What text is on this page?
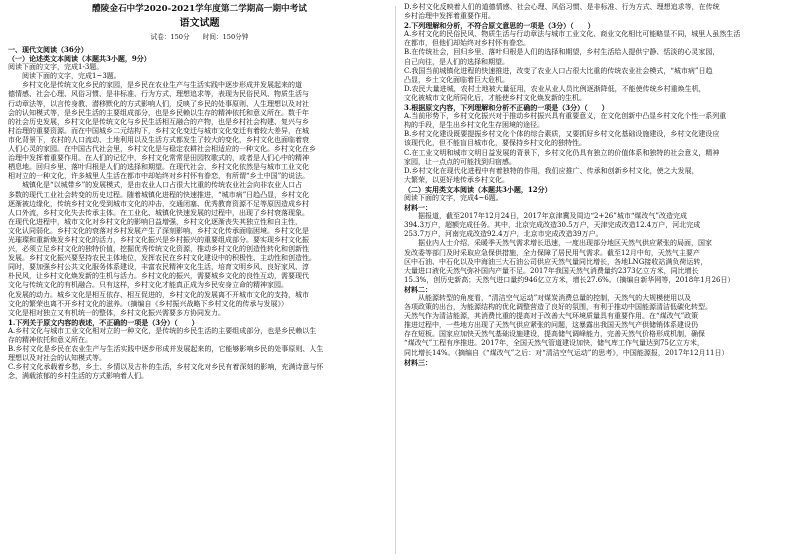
醴陵金石中学2020-2021学年度第二学期高一期中考试
语文试题
试卷：150分　　时间：150分钟
一、现代文阅读（36分）
（一）论述类文本阅读（本题共3小题，9分）
阅读下面的文字，完成1-3题。
阅读下面的文字，完成1~3题。
乡村文化是传统文化乡民的家园，是乡民在农业生产与生活实践中逐步形成并发展起来的道
德情感、社会心理、风俗习惯、是非标准、行为方式、理想追求等，表现为民俗民风、物质生活与
行动章法等，以言传身教、潜移默化的方式影响人们，反映了乡民的处事原则、人生理想以及对社
会的认知模式等，是乡民生活的主要组成部分，也是乡民赖以生存的精神依托和意义所在。数千年
的社会历史发展，乡村文化是传统文化与乡民生活相互融合的产物，也是乡村社会构建、复兴与乡
村治理的重要资源。而在中国城乡二元结构下，乡村文化变迁与城市文化变迁有着较大差异，在城
市化背景下，农村的人口流动、土地利用以及生活方式都发生了较大的变化，乡村文化也面临着衰
人们心灵的家园。在中国古代社会里，乡村文化是与稳定农耕社会相适应的一种文化。乡村文化在乡
治理中发挥着重要作用。在人们的记忆中，乡村文化常常是田园牧歌式的，或者是人们心中的精神
栖息地。回归乡里、落叶归根是人们的选择和期望。在现代社会，乡村文化依然是与城市工业文化
相对立的一种文化，许多城里人生活在都市中却始终对乡村怀有眷恋，有所谓“乡土中国”的说法。
城镇化是“以城带乡”的发展模式，是由农业人口占很大比重的传统农业社会向非农业人口占
多数的现代工业社会转变的历史过程。随着城镇化进程的快速推进，“城市病”日趋凸显，乡村文化
逐渐被边缘化，传统乡村文化受到城市文化的冲击，交通闭塞、优秀教育资源不足等原因造成乡村
人口外流，乡村文化失去传承主体。在工业化、城镇化快速发展的过程中，出现了乡村衰落现象。
在现代化进程中，城市文化对乡村文化的影响日益增强，乡村文化逐渐丧失其独立性和自主性，
文化认同弱化。乡村文化的衰落对乡村发展产生了深刻影响，乡村文化传承面临困境。乡村文化是
光璀璨和重新焕发乡村文化的活力，乡村文化振兴是乡村振兴的重要组成部分。要实现乡村文化振
兴，必须立足乡村文化的独特价值，挖掘优秀传统文化资源，推动乡村文化的创造性转化和创新性
发展。乡村文化振兴要坚持农民主体地位，发挥农民在乡村文化建设中的积极性、主动性和创造性。
同时，要加强乡村公共文化服务体系建设，丰富农民精神文化生活，培育文明乡风、良好家风、淳
朴民风，让乡村文化焕发新的生机与活力。乡村文化的振兴，需要城乡文化的良性互动，需要现代
文化与传统文化的有机融合。只有这样，乡村文化才能真正成为乡民安身立命的精神家园。
化发展的动力。城乡文化是相互依存、相互促进的，乡村文化的发展离不开城市文化的支持，城市
文化的繁荣也离不开乡村文化的滋养。（摘编自《乡村振兴战略下乡村文化的传承与发展》）
文化是相对独立又有机统一的整体，乡村文化振兴需要多方协同发力。
1.下列关于原文内容的表述，不正确的一项是（3分）（　　）
A.乡村文化与城市工业文化相对立的一种文化，是传统的乡民生活的主要组成部分，也是乡民赖以生
存的精神依托和意义所在。
B.乡村文化是乡民在农业生产与生活实践中逐步形成并发展起来的，它能够影响乡民的处事原则、人生
理想以及对社会的认知模式等。
C.乡村文化承载着乡愁，乡土、乡情以及古朴的生活，乡村文化对乡民有着深刻的影响，充满诗意与怀
念，满载浓郁的乡村生活的方式影响着人们。
D.乡村文化反映着人们的道德情感、社会心理、风俗习惯、是非标准、行为方式、理想追求等，在传统
乡村治理中发挥着重要作用。
2.下列理解和分析，不符合原文意思的一项是（3分）（　　）
A.乡村文化的民俗民风、物质生活与行动章法与城市工业文化、商业文化相比可能略显不同，城里人虽然生活
在都市，但他们却始终对乡村怀有眷恋。
B.在传统社会，回归乡里、落叶归根是人们的选择和期望，乡村生活给人提供宁静、恬淡的心灵家园，
自己向往，是人们的选择和期望。
C.我国当前城镇化进程的快速推进，改变了农业人口占很大比重的传统农业社会模式，“城市病”日趋
凸显，乡土文化面临着巨大危机。
D.农民大量进城，农村土地被大量征用，农业从业人员比例逐渐降低，不能使传统乡村重焕生机，
文化被城市文化所同化后，才能使乡村文化焕发新的生机。
3.根据原文内容，下列理解和分析不正确的一项是（3分）（　　）
A.当前形势下，乡村文化振兴对于推动乡村振兴具有重要意义，在文化创新中凸显乡村文化个性一系列重
构的手段，是生出乡村文化生存困境的途径。
B.乡村文化建设既要提振乡村文化个体的综合素质，又要抓好乡村文化基础设施建设，乡村文化建设应
该现代化，但不能盲目城市化，要保持乡村文化的独特性。
C.在工业文明和城市文明日益发展的背景下，乡村文化仍具有独立的价值体系和独特的社会意义，精神
家园，让一点点的可能找到归宿感。
D.乡村文化在现代化进程中有着独特的作用，我们应推广、传承和创新乡村文化，使之大发展，
大繁荣，以更好地传承乡村文化。
（二）实用类文本阅读（本题共3小题，12分）
阅读下面的文字，完成4~6题。
材料一：
据报道，截至2017年12月24日，2017年京津冀及周边“2+26”城市“煤改气”改造完成
394.3万户，超额完成任务。其中，北京完成改造30.5万户，天津完成改造12.4万户，河北完成
253.7万户，河南完成改造92.4万户，北京市完成改造39万户。
据业内人士介绍，采暖季天然气需求增长迅速，一度出现部分地区天然气供应紧张的局面，国家
发改委等部门及时采取应急保供措施，全力保障了居民用气需求。截至12月中旬，天然气主要产
区中石油、中石化以及中海油三大石油公司供应天然气量同比增长，各地LNG接收站满负荷运转，
大量进口液化天然气弥补国内产量不足。2017年我国天然气消费量约2373亿立方米，同比增长
15.3%，创历史新高；天然气进口量约946亿立方米，增长27.6%。（摘编自新华网等，2018年1月26日）
材料二：
从能源转型的角度看，“清洁空气运动”对煤炭消费总量的控制，天然气的大规模使用以及
各项政策的出台，为能源结构的优化调整营造了良好的氛围，有利于推动中国能源清洁低碳化转型。
天然气作为清洁能源，其消费比重的提高对于改善大气环境质量具有重要作用。在“煤改气”政策
推进过程中，一些地方出现了天然气供应紧张的问题，这暴露出我国天然气产供储销体系建设仍
存在短板。国家应加快天然气基础设施建设，提高储气调峰能力，完善天然气价格形成机制，确保
“煤改气”工程有序推进。2017年，全国天然气管道建设加快，储气库工作气量达到75亿立方米，
同比增长14%。（摘编自《“煤改气”之后：对“清洁空气运动”的思考》，中国能源报，2017年12月11日）
材料三：
